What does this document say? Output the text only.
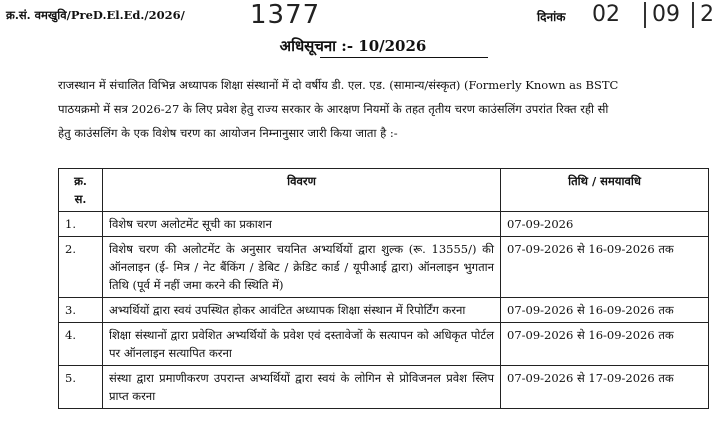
क्र.सं. वमखुवि/PreD.El.Ed./2026/	1377	दिनांक 02 09 2
अधिसूचना :- 10/2026
राजस्थान में संचालित विभिन्न अध्यापक शिक्षा संस्थानों में दो वर्षीय डी. एल. एड. (सामान्य/संस्कृत) (Formerly Known as BSTC
पाठयक्रमो में सत्र 2026-27 के लिए प्रवेश हेतु राज्य सरकार के आरक्षण नियमों के तहत तृतीय चरण काउंसलिंग उपरांत रिक्त रही सी
हेतु काउंसलिंग के एक विशेष चरण का आयोजन निम्नानुसार जारी किया जाता है :-
क्र.
स.	विवरण	तिथि / समयावधि
1.	विशेष चरण अलोटमेंट सूची का प्रकाशन	07-09-2026
2.	विशेष चरण की अलोटमेंट के अनुसार चयनित अभ्यर्थियों द्वारा शुल्क (रू. 13555/) की ऑनलाइन (ई- मित्र / नेट बैंकिंग / डेबिट / क्रेडिट कार्ड / यूपीआई द्वारा) ऑनलाइन भुगतान तिथि (पूर्व में नहीं जमा करने की स्थिति में)	07-09-2026 से 16-09-2026 तक
3.	अभ्यर्थियों द्वारा स्वयं उपस्थित होकर आवंटित अध्यापक शिक्षा संस्थान में रिपोर्टिंग करना	07-09-2026 से 16-09-2026 तक
4.	शिक्षा संस्थानों द्वारा प्रवेशित अभ्यर्थियों के प्रवेश एवं दस्तावेजों के सत्यापन को अधिकृत पोर्टल पर ऑनलाइन सत्यापित करना	07-09-2026 से 16-09-2026 तक
5.	संस्था द्वारा प्रमाणीकरण उपरान्त अभ्यर्थियों द्वारा स्वयं के लोगिन से प्रोविजनल प्रवेश स्लिप प्राप्त करना	07-09-2026 से 17-09-2026 तक
